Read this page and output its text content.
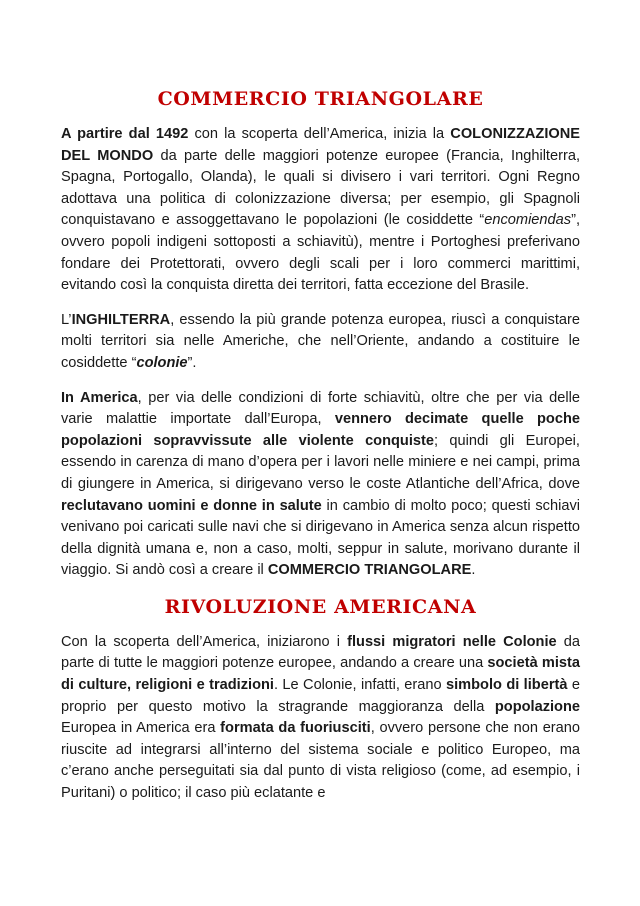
COMMERCIO TRIANGOLARE

A partire dal 1492 con la scoperta dell’America, inizia la COLONIZZAZIONE DEL MONDO da parte delle maggiori potenze europee (Francia, Inghilterra, Spagna, Portogallo, Olanda), le quali si divisero i vari territori. Ogni Regno adottava una politica di colonizzazione diversa; per esempio, gli Spagnoli conquistavano e assoggettavano le popolazioni (le cosiddette “encomiendas”, ovvero popoli indigeni sottoposti a schiavitù), mentre i Portoghesi preferivano fondare dei Protettorati, ovvero degli scali per i loro commerci marittimi, evitando così la conquista diretta dei territori, fatta eccezione del Brasile.

L’INGHILTERRA, essendo la più grande potenza europea, riuscì a conquistare molti territori sia nelle Americhe, che nell’Oriente, andando a costituire le cosiddette “colonie”.

In America, per via delle condizioni di forte schiavitù, oltre che per via delle varie malattie importate dall’Europa, vennero decimate quelle poche popolazioni sopravvissute alle violente conquiste; quindi gli Europei, essendo in carenza di mano d’opera per i lavori nelle miniere e nei campi, prima di giungere in America, si dirigevano verso le coste Atlantiche dell’Africa, dove reclutavano uomini e donne in salute in cambio di molto poco; questi schiavi venivano poi caricati sulle navi che si dirigevano in America senza alcun rispetto della dignità umana e, non a caso, molti, seppur in salute, morivano durante il viaggio. Si andò così a creare il COMMERCIO TRIANGOLARE.

RIVOLUZIONE AMERICANA

Con la scoperta dell’America, iniziarono i flussi migratori nelle Colonie da parte di tutte le maggiori potenze europee, andando a creare una società mista di culture, religioni e tradizioni. Le Colonie, infatti, erano simbolo di libertà e proprio per questo motivo la stragrande maggioranza della popolazione Europea in America era formata da fuoriusciti, ovvero persone che non erano riuscite ad integrarsi all’interno del sistema sociale e politico Europeo, ma c’erano anche perseguitati sia dal punto di vista religioso (come, ad esempio, i Puritani) o politico; il caso più eclatante e
